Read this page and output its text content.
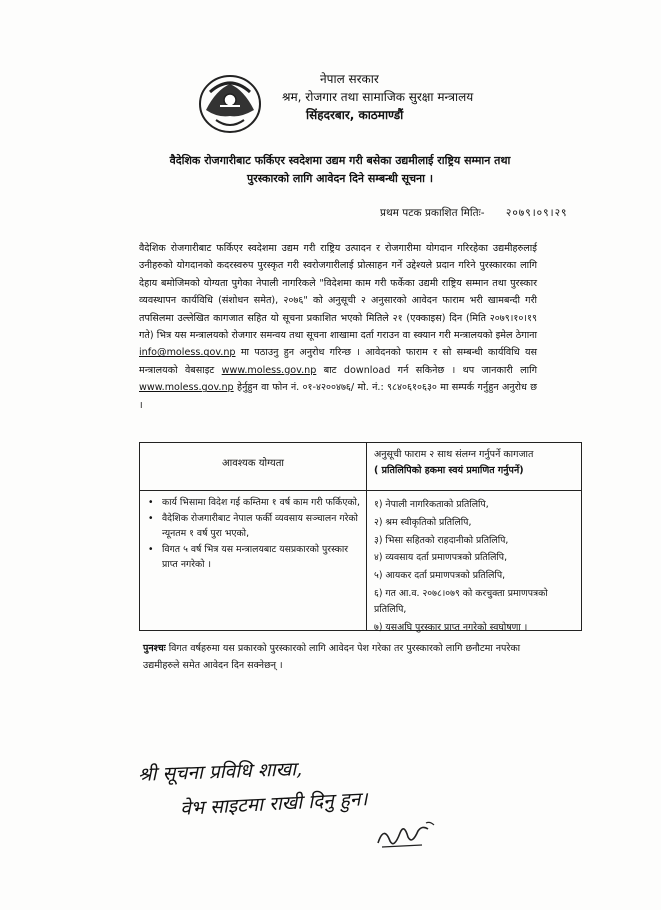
नेपाल सरकार
श्रम, रोजगार तथा सामाजिक सुरक्षा मन्त्रालय
सिंहदरबार, काठमाण्डौं
वैदेशिक रोजगारीबाट फर्किएर स्वदेशमा उद्यम गरी बसेका उद्यमीलाई राष्ट्रिय सम्मान तथा
पुरस्कारको लागि आवेदन दिने सम्बन्धी सूचना ।
प्रथम पटक प्रकाशित मितिः- २०७९।०९।२९
वैदेशिक रोजगारीबाट फर्किएर स्वदेशमा उद्यम गरी राष्ट्रिय उत्पादन र रोजगारीमा योगदान गरिरहेका उद्यमीहरुलाई उनीहरुको योगदानको कदरस्वरुप पुरस्कृत गरी स्वरोजगारीलाई प्रोत्साहन गर्ने उद्देश्यले प्रदान गरिने पुरस्कारका लागि देहाय बमोजिमको योग्यता पुगेका नेपाली नागरिकले "विदेशमा काम गरी फर्केका उद्यमी राष्ट्रिय सम्मान तथा पुरस्कार व्यवस्थापन कार्यविधि (संशोधन समेत), २०७६" को अनुसूची २ अनुसारको आवेदन फाराम भरी खामबन्दी गरी तपसिलमा उल्लेखित कागजात सहित यो सूचना प्रकाशित भएको मितिले २१ (एक्काइस) दिन (मिति २०७९।१०।१९ गते) भित्र यस मन्त्रालयको रोजगार समन्वय तथा सूचना शाखामा दर्ता गराउन वा स्क्यान गरी मन्त्रालयको इमेल ठेगाना info@moless.gov.np मा पठाउनु हुन अनुरोध गरिन्छ । आवेदनको फाराम र सो सम्बन्धी कार्यविधि यस मन्त्रालयको वेबसाइट www.moless.gov.np बाट download गर्न सकिनेछ । थप जानकारी लागि www.moless.gov.np हेर्नुहुन वा फोन नं. ०१-४२००४७६/ मो. नं.: ९८४०६१०६३० मा सम्पर्क गर्नुहुन अनुरोध छ ।
आवश्यक योग्यता
अनुसूची फाराम २ साथ संलग्न गर्नुपर्ने कागजात
( प्रतिलिपिको हकमा स्वयं प्रमाणित गर्नुपर्ने)
• कार्य भिसामा विदेश गई कम्तिमा १ वर्ष काम गरी फर्किएको,
• वैदेशिक रोजगारीबाट नेपाल फर्की व्यवसाय सञ्चालन गरेको न्यूनतम १ वर्ष पुरा भएको,
• विगत ५ वर्ष भित्र यस मन्त्रालयबाट यसप्रकारको पुरस्कार प्राप्त नगरेको ।
१) नेपाली नागरिकताको प्रतिलिपि,
२) श्रम स्वीकृतिको प्रतिलिपि,
३) भिसा सहितको राहदानीको प्रतिलिपि,
४) व्यवसाय दर्ता प्रमाणपत्रको प्रतिलिपि,
५) आयकर दर्ता प्रमाणपत्रको प्रतिलिपि,
६) गत आ.व. २०७८।०७९ को करचुक्ता प्रमाणपत्रको प्रतिलिपि,
७) यसअघि पुरस्कार प्राप्त नगरेको स्वघोषणा ।
पुनश्चः विगत वर्षहरुमा यस प्रकारको पुरस्कारको लागि आवेदन पेश गरेका तर पुरस्कारको लागि छनौटमा नपरेका उद्यमीहरुले समेत आवेदन दिन सक्नेछन् ।
श्री सूचना प्रविधि शाखा,
वेभ साइटमा राखी दिनु हुन।
